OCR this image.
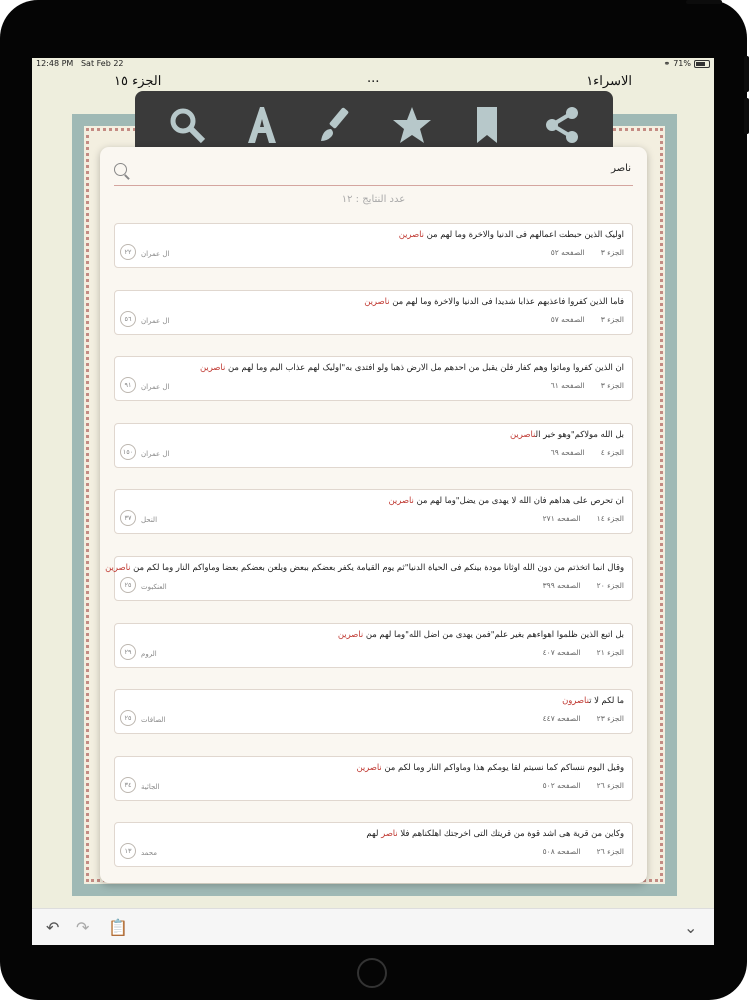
12:48 PM Sat Feb 22	⚭ 71%
الجزء ١٥	...	الاسراء١
ناصر
عدد النتايج : ١٢
اولیک الذين حبطت اعمالهم فی الدنیا والاخرة وما لهم من ناصرين
الجزء ٣
الصفحه ٥٢
٢٢	ال عمران
فاما الذين كفروا فاعذبهم عذابا شديدا فی الدنیا والاخرة وما لهم من ناصرين
الجزء ٣
الصفحه ٥٧
٥٦	ال عمران
ان الذين كفروا وماتوا وهم كفار فلن يقبل من احدهم مل الارض ذهبا ولو افتدى به"اولیک لهم عذاب اليم وما لهم من ناصرين
الجزء ٣
الصفحه ٦١
٩١	ال عمران
بل الله مولاكم"وهو خير الناصرين
الجزء ٤
الصفحه ٦٩
١٥٠	ال عمران
ان تحرص على هداهم فان الله لا يهدى من يضل"وما لهم من ناصرين
الجزء ١٤
الصفحه ٢٧١
٣٧	النحل
وقال انما اتخذتم من دون الله اوثانا مودة بينكم فی الحياة الدنيا"ثم يوم القيامة يكفر بعضكم ببعض ويلعن بعضكم بعضا وماواكم النار وما لكم من ناصرين
الجزء ٢٠
الصفحه ٣٩٩
٢٥	العنكبوت
بل اتبع الذين ظلموا اهواءهم بغير علم"فمن يهدى من اضل الله"وما لهم من ناصرين
الجزء ٢١
الصفحه ٤٠٧
٢٩	الروم
ما لكم لا تناصرون
الجزء ٢٣
الصفحه ٤٤٧
٢٥	الصافات
وقيل اليوم ننساكم كما نسيتم لقا يومكم هذا وماواكم النار وما لكم من ناصرين
الجزء ٢٦
الصفحه ٥٠٢
٣٤	الجاثية
وكاين من قرية هی اشد قوة من قريتك التى اخرجتك اهلكناهم فلا ناصر لهم
الجزء ٢٦
الصفحه ٥٠٨
١٣	محمد
↶ ↷ 📋	⌄
